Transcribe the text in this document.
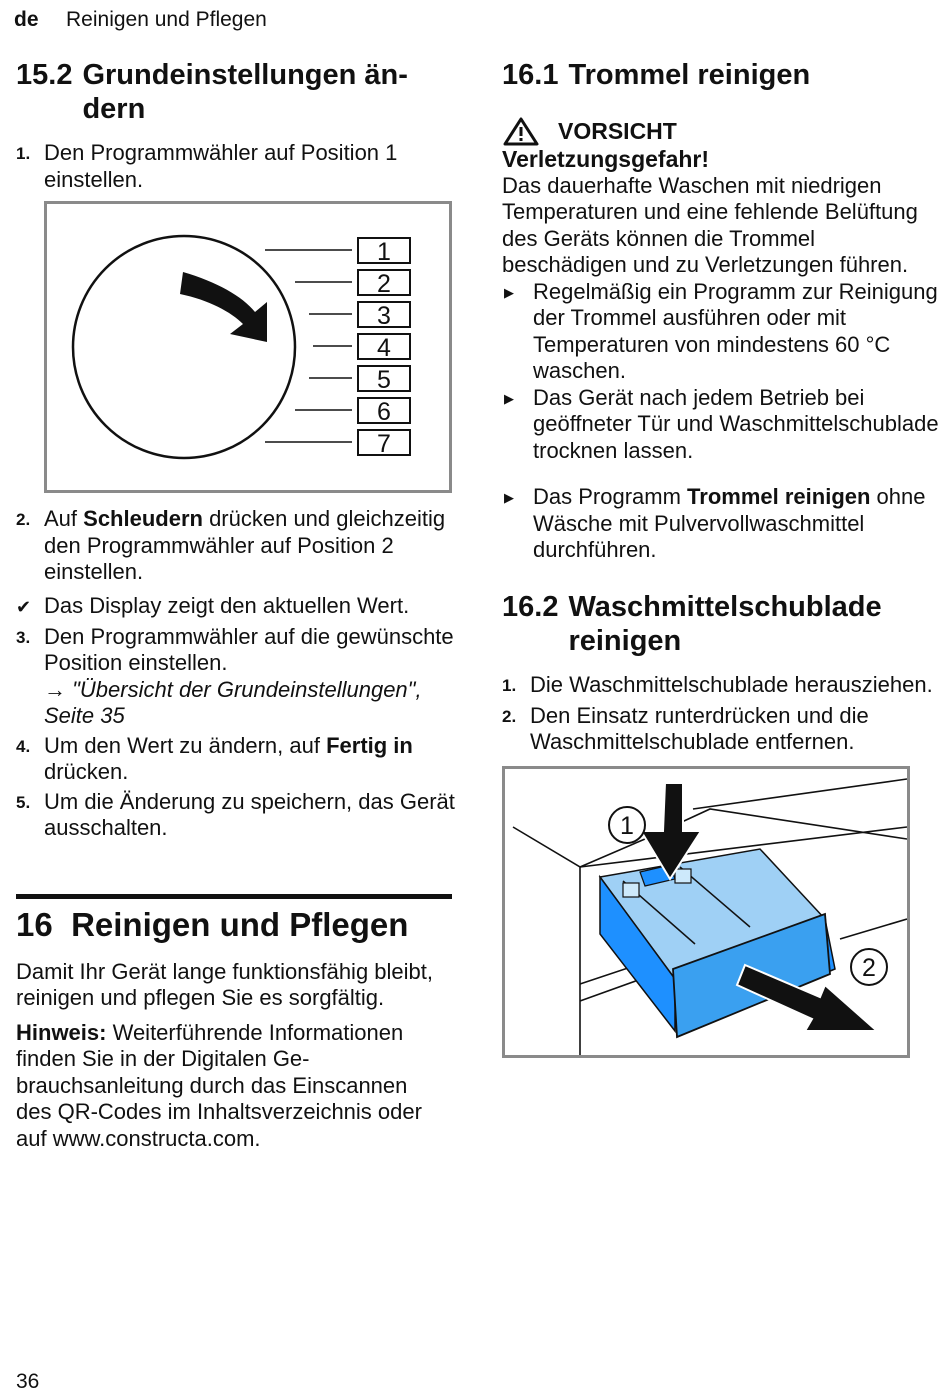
de Reinigen und Pflegen
15.2 Grundeinstellungen ändern
1. Den Programmwähler auf Position 1 einstellen.
1
2
3
4
5
6
7
2. Auf Schleudern drücken und gleichzeitig den Programmwähler auf Position 2 einstellen.
✔ Das Display zeigt den aktuellen Wert.
3. Den Programmwähler auf die gewünschte Position einstellen.
→ "Übersicht der Grundeinstellungen", Seite 35
4. Um den Wert zu ändern, auf Fertig in drücken.
5. Um die Änderung zu speichern, das Gerät ausschalten.
16 Reinigen und Pflegen

Damit Ihr Gerät lange funktionsfähig bleibt, reinigen und pflegen Sie es sorgfältig.

Hinweis: Weiterführende Informationen finden Sie in der Digitalen Gebrauchsanleitung durch das Einscannen des QR-Codes im Inhaltsverzeichnis oder auf www.constructa.com.

16.1 Trommel reinigen
VORSICHT
Verletzungsgefahr!

Das dauerhafte Waschen mit niedrigen Temperaturen und eine fehlende Belüftung des Geräts können die Trommel beschädigen und zu Verletzungen führen.

▶ Regelmäßig ein Programm zur Reinigung der Trommel ausführen oder mit Temperaturen von mindestens 60 °C waschen.
▶ Das Gerät nach jedem Betrieb bei geöffneter Tür und Waschmittelschublade trocknen lassen.
▶ Das Programm Trommel reinigen ohne Wäsche mit Pulvervollwaschmittel durchführen.
16.2 Waschmittelschublade reinigen
1. Die Waschmittelschublade herausziehen.
2. Den Einsatz runterdrücken und die Waschmittelschublade entfernen.
1
2
36
